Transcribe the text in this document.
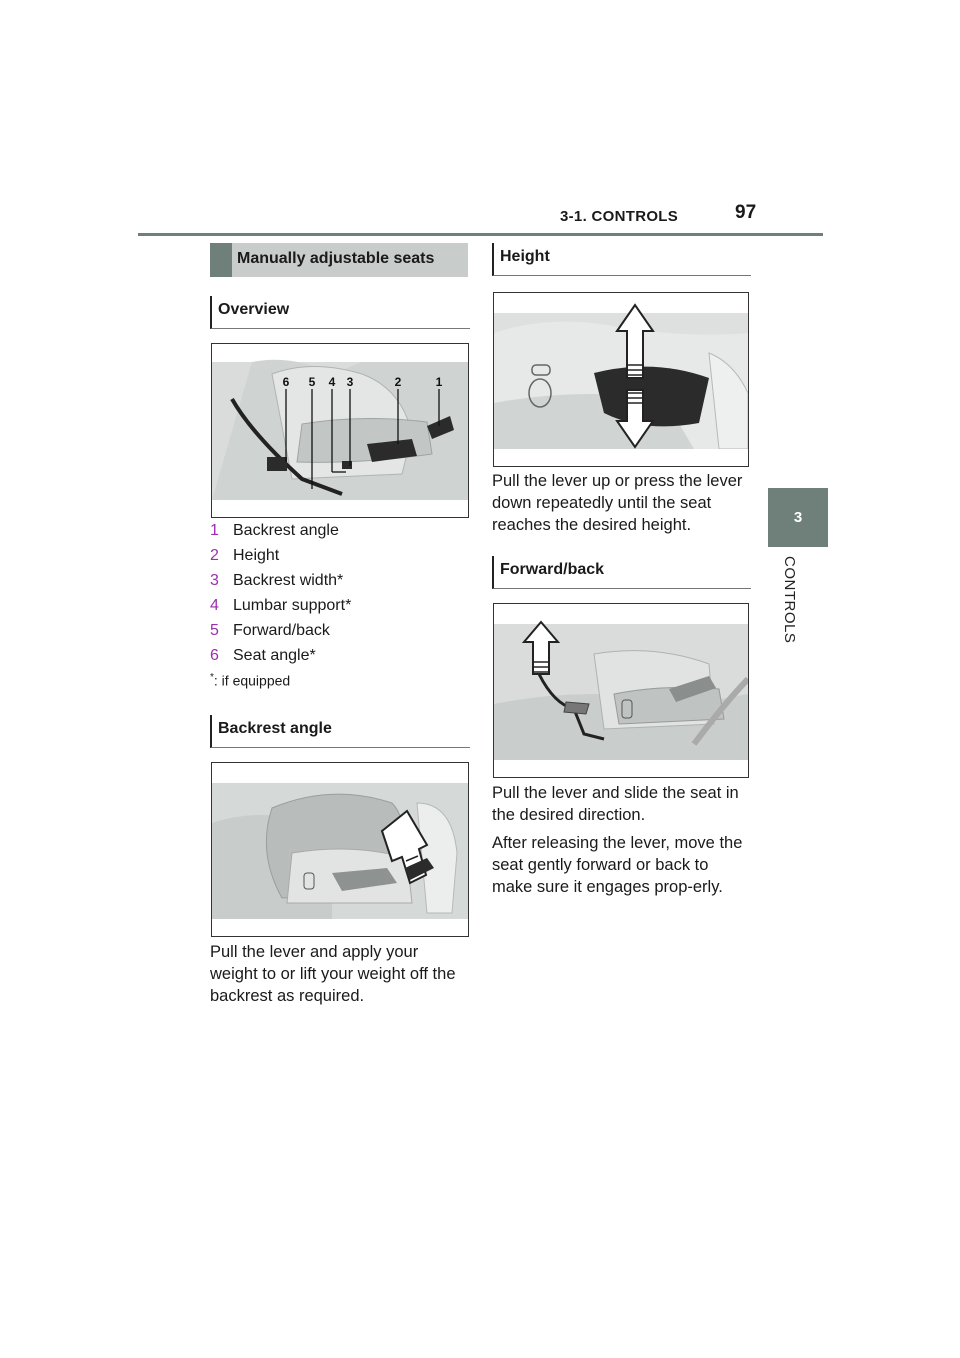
3-1. CONTROLS	97
3
CONTROLS
Manually adjustable seats
Overview
6 5 4 3	2	1
1 Backrest angle
2 Height
3 Backrest width*
4 Lumbar support*
5 Forward/back
6 Seat angle*
*: if equipped
Backrest angle
Pull the lever and apply your weight to or lift your weight off the backrest as required.
Height
Pull the lever up or press the lever down repeatedly until the seat reaches the desired height.
Forward/back
Pull the lever and slide the seat in the desired direction.
After releasing the lever, move the seat gently forward or back to make sure it engages prop-erly.
